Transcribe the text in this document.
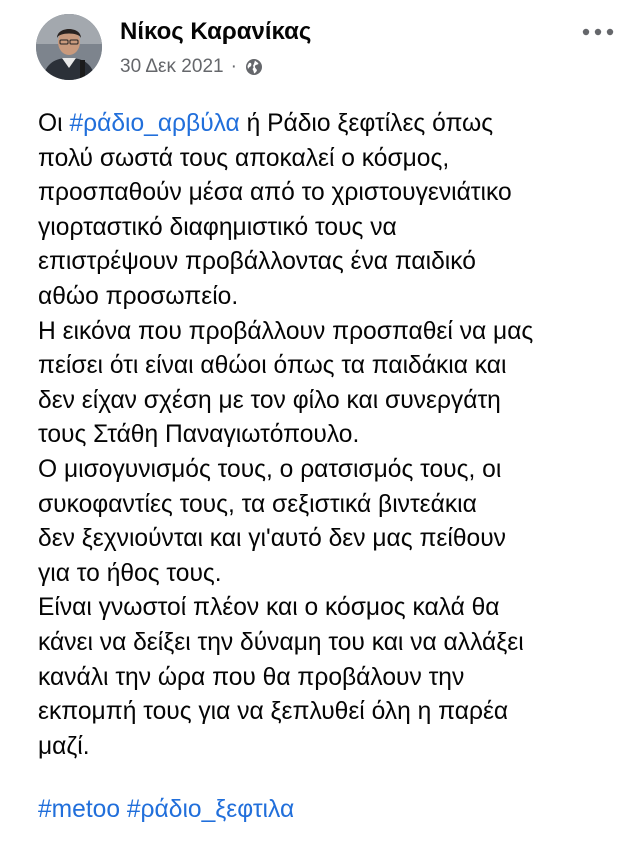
Νίκος Καρανίκας
30 Δεκ 2021 ·
Οι #ράδιο_αρβύλα ή Ράδιο ξεφτίλες όπως
πολύ σωστά τους αποκαλεί ο κόσμος,
προσπαθούν μέσα από το χριστουγενιάτικο
γιορταστικό διαφημιστικό τους να
επιστρέψουν προβάλλοντας ένα παιδικό
αθώο προσωπείο.
Η εικόνα που προβάλλουν προσπαθεί να μας
πείσει ότι είναι αθώοι όπως τα παιδάκια και
δεν είχαν σχέση με τον φίλο και συνεργάτη
τους Στάθη Παναγιωτόπουλο.
Ο μισογυνισμός τους, ο ρατσισμός τους, οι
συκοφαντίες τους, τα σεξιστικά βιντεάκια
δεν ξεχνιούνται και γι'αυτό δεν μας πείθουν
για το ήθος τους.
Είναι γνωστοί πλέον και ο κόσμος καλά θα
κάνει να δείξει την δύναμη του και να αλλάξει
κανάλι την ώρα που θα προβάλουν την
εκπομπή τους για να ξεπλυθεί όλη η παρέα
μαζί.
#metoo #ράδιο_ξεφτιλα
